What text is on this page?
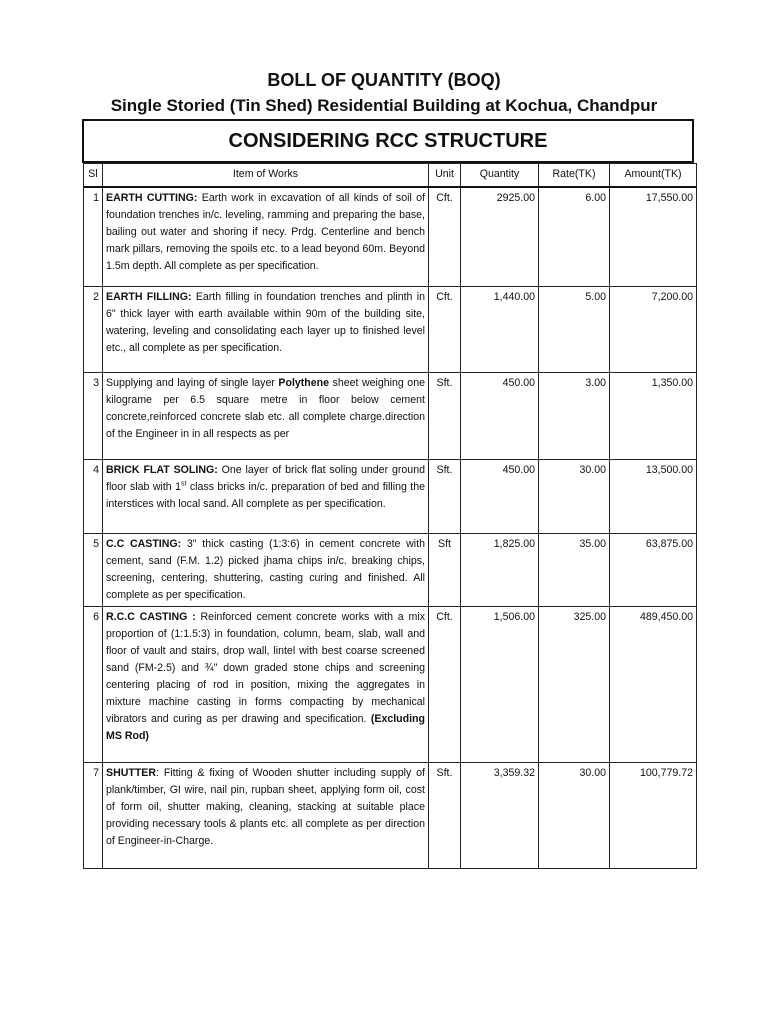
BOLL OF QUANTITY (BOQ)
Single Storied (Tin Shed) Residential Building at Kochua, Chandpur
CONSIDERING RCC STRUCTURE
Sl	Item of Works	Unit	Quantity	Rate(TK)	Amount(TK)
1	EARTH CUTTING: Earth work in excavation of all kinds of soil of foundation trenches in/c. leveling, ramming and preparing the base, bailing out water and shoring if necy. Prdg. Centerline and bench mark pillars, removing the spoils etc. to a lead beyond 60m. Beyond 1.5m depth. All complete as per specification.	Cft.	2925.00	6.00	17,550.00
2	EARTH FILLING: Earth filling in foundation trenches and plinth in 6" thick layer with earth available within 90m of the building site, watering, leveling and consolidating each layer up to finished level etc., all complete as per specification.	Cft.	1,440.00	5.00	7,200.00
3	Supplying and laying of single layer Polythene sheet weighing one kilograme per 6.5 square metre in floor below cement concrete,reinforced concrete slab etc. all complete charge.direction of the Engineer in in all respects as per	Sft.	450.00	3.00	1,350.00
4	BRICK FLAT SOLING: One layer of brick flat soling under ground floor slab with 1st class bricks in/c. preparation of bed and filling the interstices with local sand. All complete as per specification.	Sft.	450.00	30.00	13,500.00
5	C.C CASTING: 3" thick casting (1:3:6) in cement concrete with cement, sand (F.M. 1.2) picked jhama chips in/c. breaking chips, screening, centering, shuttering, casting curing and finished. All complete as per specification.	Sft	1,825.00	35.00	63,875.00
6	R.C.C CASTING : Reinforced cement concrete works with a mix proportion of (1:1.5:3) in foundation, column, beam, slab, wall and floor of vault and stairs, drop wall, lintel with best coarse screened sand (FM-2.5) and ¾" down graded stone chips and screening centering placing of rod in position, mixing the aggregates in mixture machine casting in forms compacting by mechanical vibrators and curing as per drawing and specification. (Excluding MS Rod)	Cft.	1,506.00	325.00	489,450.00
7	SHUTTER: Fitting & fixing of Wooden shutter including supply of plank/timber, GI wire, nail pin, rupban sheet, applying form oil, cost of form oil, shutter making, cleaning, stacking at suitable place providing necessary tools & plants etc. all complete as per direction of Engineer-in-Charge.	Sft.	3,359.32	30.00	100,779.72
